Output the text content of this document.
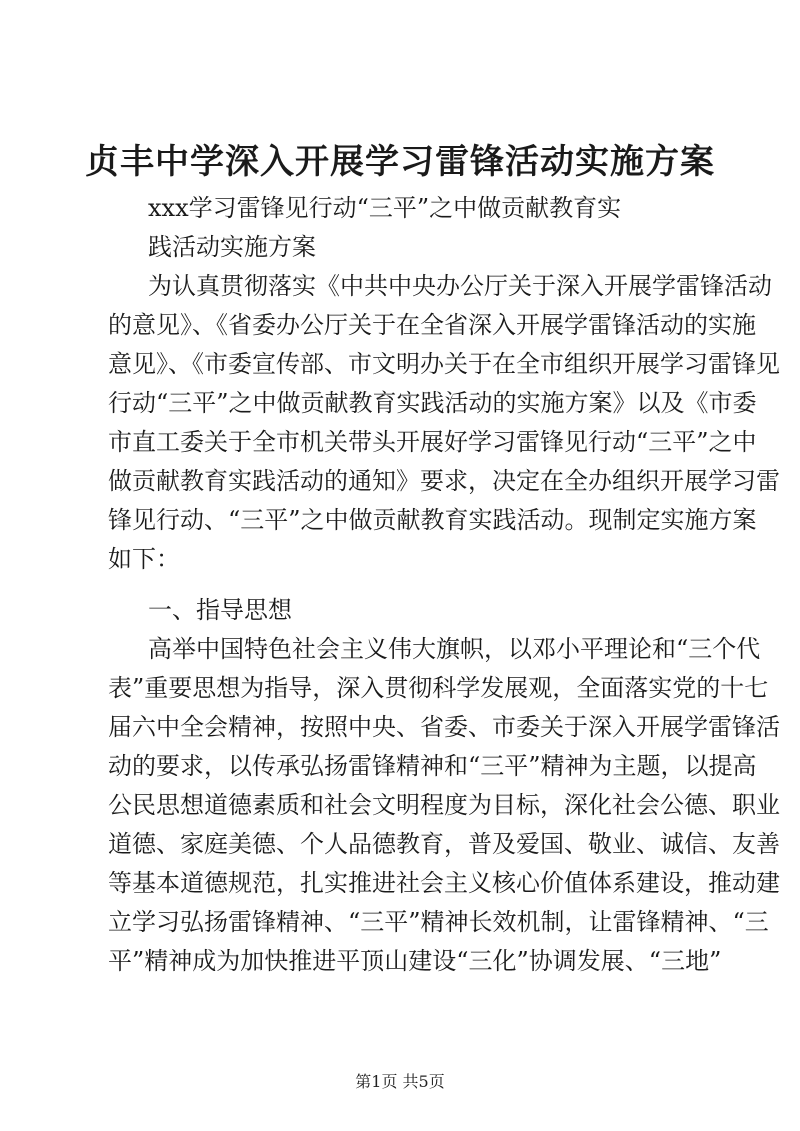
贞丰中学深入开展学习雷锋活动实施方案

xxx学习雷锋见行动“三平”之中做贡献教育实

践活动实施方案

为认真贯彻落实《中共中央办公厅关于深入开展学雷锋活动

的意见》、《省委办公厅关于在全省深入开展学雷锋活动的实施

意见》、《市委宣传部、市文明办关于在全市组织开展学习雷锋见

行动“三平”之中做贡献教育实践活动的实施方案》以及《市委

市直工委关于全市机关带头开展好学习雷锋见行动“三平”之中

做贡献教育实践活动的通知》要求，决定在全办组织开展学习雷

锋见行动、“三平”之中做贡献教育实践活动。现制定实施方案

如下：

一、指导思想

高举中国特色社会主义伟大旗帜，以邓小平理论和“三个代

表”重要思想为指导，深入贯彻科学发展观，全面落实党的十七

届六中全会精神，按照中央、省委、市委关于深入开展学雷锋活

动的要求，以传承弘扬雷锋精神和“三平”精神为主题，以提高

公民思想道德素质和社会文明程度为目标，深化社会公德、职业

道德、家庭美德、个人品德教育，普及爱国、敬业、诚信、友善

等基本道德规范，扎实推进社会主义核心价值体系建设，推动建

立学习弘扬雷锋精神、“三平”精神长效机制，让雷锋精神、“三

平”精神成为加快推进平顶山建设“三化”协调发展、“三地”

第1页 共5页
